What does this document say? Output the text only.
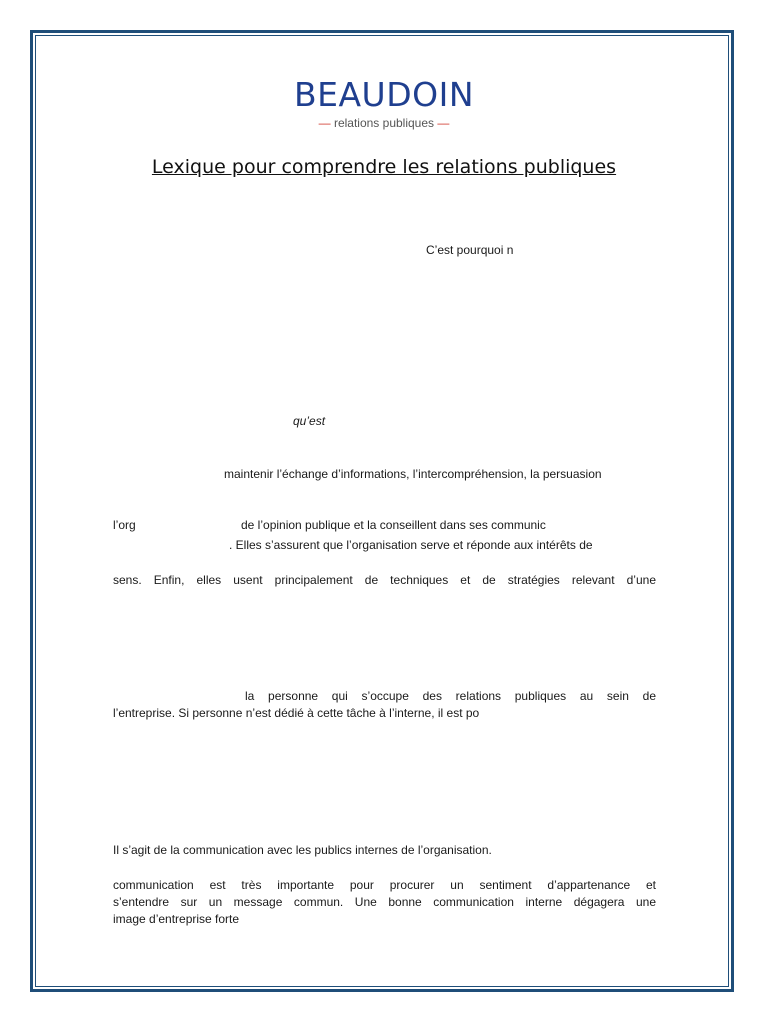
BEAUDOIN
— relations publiques —
Lexique pour comprendre les relations publiques
C’est pourquoi n
qu’est
maintenir l’échange d’informations, l’intercompréhension, la persuasion
l’org	de l’opinion publique et la conseillent dans ses communic
. Elles s’assurent que l’organisation serve et réponde aux intérêts de
sens. Enfin, elles usent principalement de techniques et de stratégies relevant d’une
la personne qui s’occupe des relations publiques au sein de
l’entreprise. Si personne n’est dédié à cette tâche à l’interne, il est po
Il s’agit de la communication avec les publics internes de l’organisation.
communication est très importante pour procurer un sentiment d’appartenance et
s’entendre sur un message commun. Une bonne communication interne dégagera une
image d’entreprise forte
